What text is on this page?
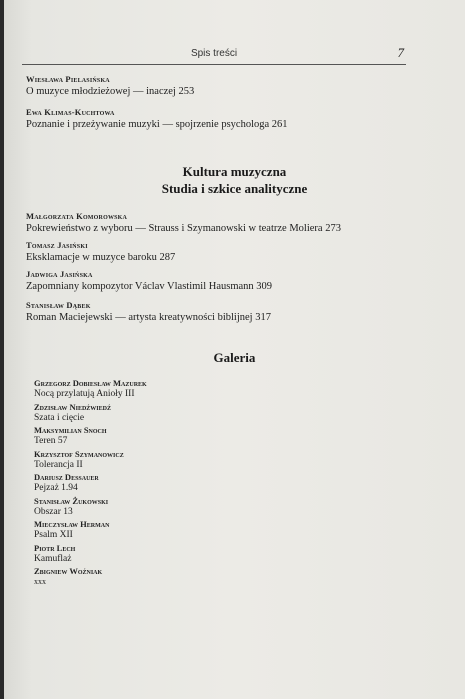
Spis treści	7
Wiesława Pielasińska
O muzyce młodzieżowej — inaczej 253
Ewa Klimas-Kuchtowa
Poznanie i przeżywanie muzyki — spojrzenie psychologa 261
Kultura muzyczna
Studia i szkice analityczne
Małgorzata Komorowska
Pokrewieństwo z wyboru — Strauss i Szymanowski w teatrze Moliera 273
Tomasz Jasiński
Eksklamacje w muzyce baroku 287
Jadwiga Jasińska
Zapomniany kompozytor Václav Vlastimil Hausmann 309
Stanisław Dąbek
Roman Maciejewski — artysta kreatywności biblijnej 317
Galeria
Grzegorz Dobiesław Mazurek
Nocą przylatują Anioły III
Zdzisław Niedźwiedź
Szata i cięcie
Maksymilian Snoch
Teren 57
Krzysztof Szymanowicz
Tolerancja II
Dariusz Dessauer
Pejzaż 1.94
Stanisław Żukowski
Obszar 13
Mieczysław Herman
Psalm XII
Piotr Lech
Kamuflaż
Zbigniew Woźniak
xxx
